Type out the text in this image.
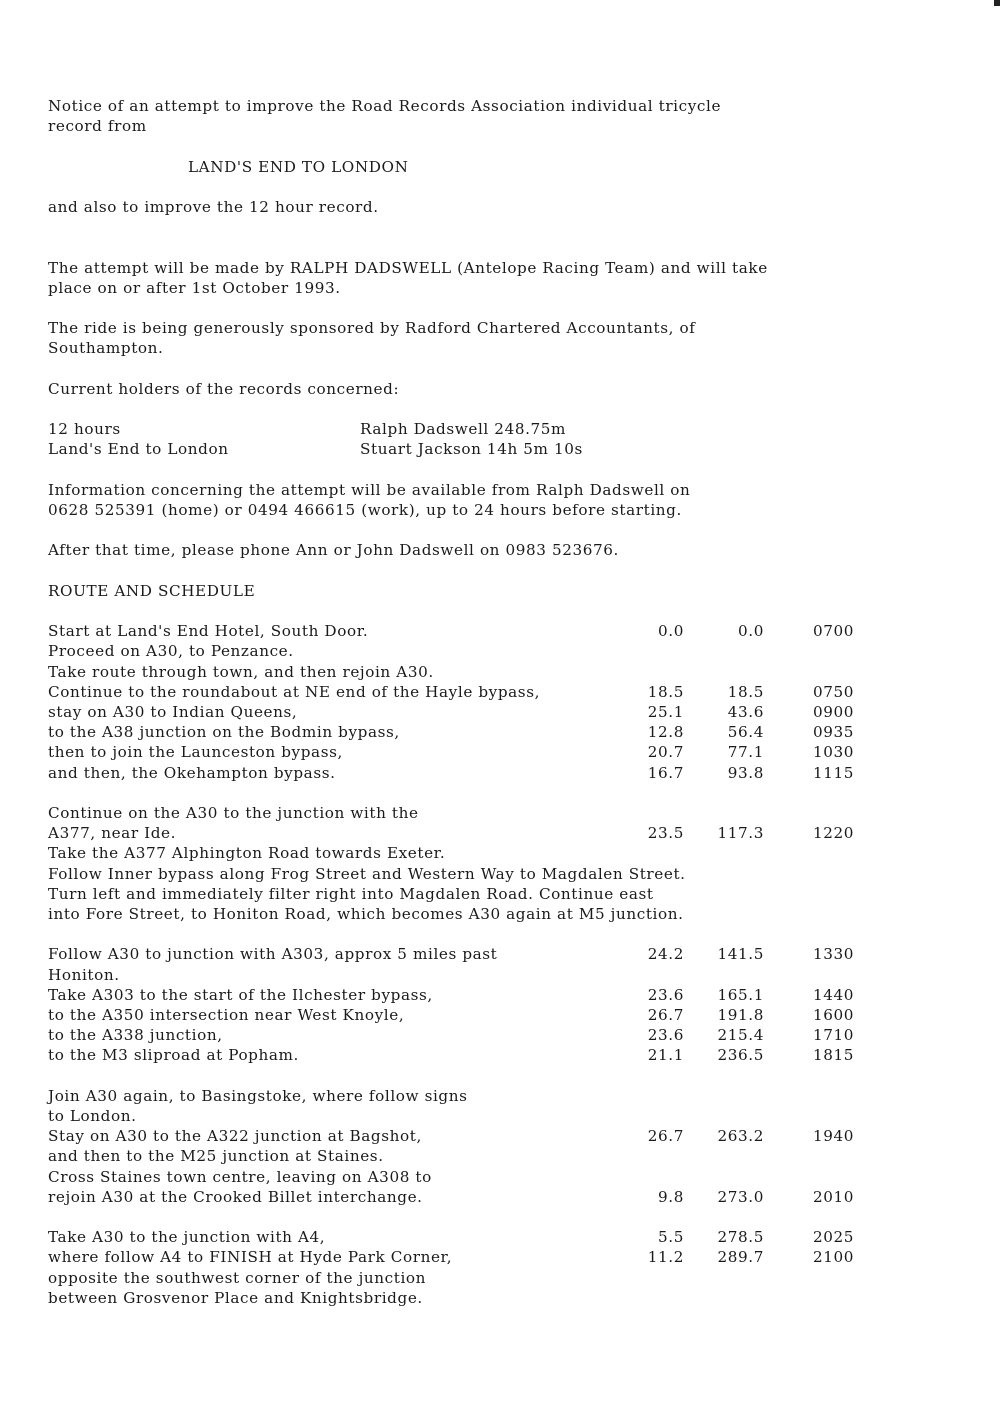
Notice of an attempt to improve the Road Records Association individual tricycle
record from

LAND'S END TO LONDON

and also to improve the 12 hour record.

The attempt will be made by RALPH DADSWELL (Antelope Racing Team) and will take
place on or after 1st October 1993.

The ride is being generously sponsored by Radford Chartered Accountants, of
Southampton.

Current holders of the records concerned:

12 hours	Ralph Dadswell 248.75m
Land's End to London	Stuart Jackson 14h 5m 10s

Information concerning the attempt will be available from Ralph Dadswell on
0628 525391 (home) or 0494 466615 (work), up to 24 hours before starting.

After that time, please phone Ann or John Dadswell on 0983 523676.

ROUTE AND SCHEDULE

Start at Land's End Hotel, South Door.	0.0	0.0	0700
Proceed on A30, to Penzance.
Take route through town, and then rejoin A30.
Continue to the roundabout at NE end of the Hayle bypass,	18.5	18.5	0750
stay on A30 to Indian Queens,	25.1	43.6	0900
to the A38 junction on the Bodmin bypass,	12.8	56.4	0935
then to join the Launceston bypass,	20.7	77.1	1030
and then, the Okehampton bypass.	16.7	93.8	1115
Continue on the A30 to the junction with the
A377, near Ide.	23.5	117.3	1220
Take the A377 Alphington Road towards Exeter.
Follow Inner bypass along Frog Street and Western Way to Magdalen Street.
Turn left and immediately filter right into Magdalen Road. Continue east
into Fore Street, to Honiton Road, which becomes A30 again at M5 junction.
Follow A30 to junction with A303, approx 5 miles past	24.2	141.5	1330
Honiton.
Take A303 to the start of the Ilchester bypass,	23.6	165.1	1440
to the A350 intersection near West Knoyle,	26.7	191.8	1600
to the A338 junction,	23.6	215.4	1710
to the M3 sliproad at Popham.	21.1	236.5	1815
Join A30 again, to Basingstoke, where follow signs
to London.
Stay on A30 to the A322 junction at Bagshot,	26.7	263.2	1940
and then to the M25 junction at Staines.
Cross Staines town centre, leaving on A308 to
rejoin A30 at the Crooked Billet interchange.	9.8	273.0	2010
Take A30 to the junction with A4,	5.5	278.5	2025
where follow A4 to FINISH at Hyde Park Corner,	11.2	289.7	2100
opposite the southwest corner of the junction
between Grosvenor Place and Knightsbridge.
